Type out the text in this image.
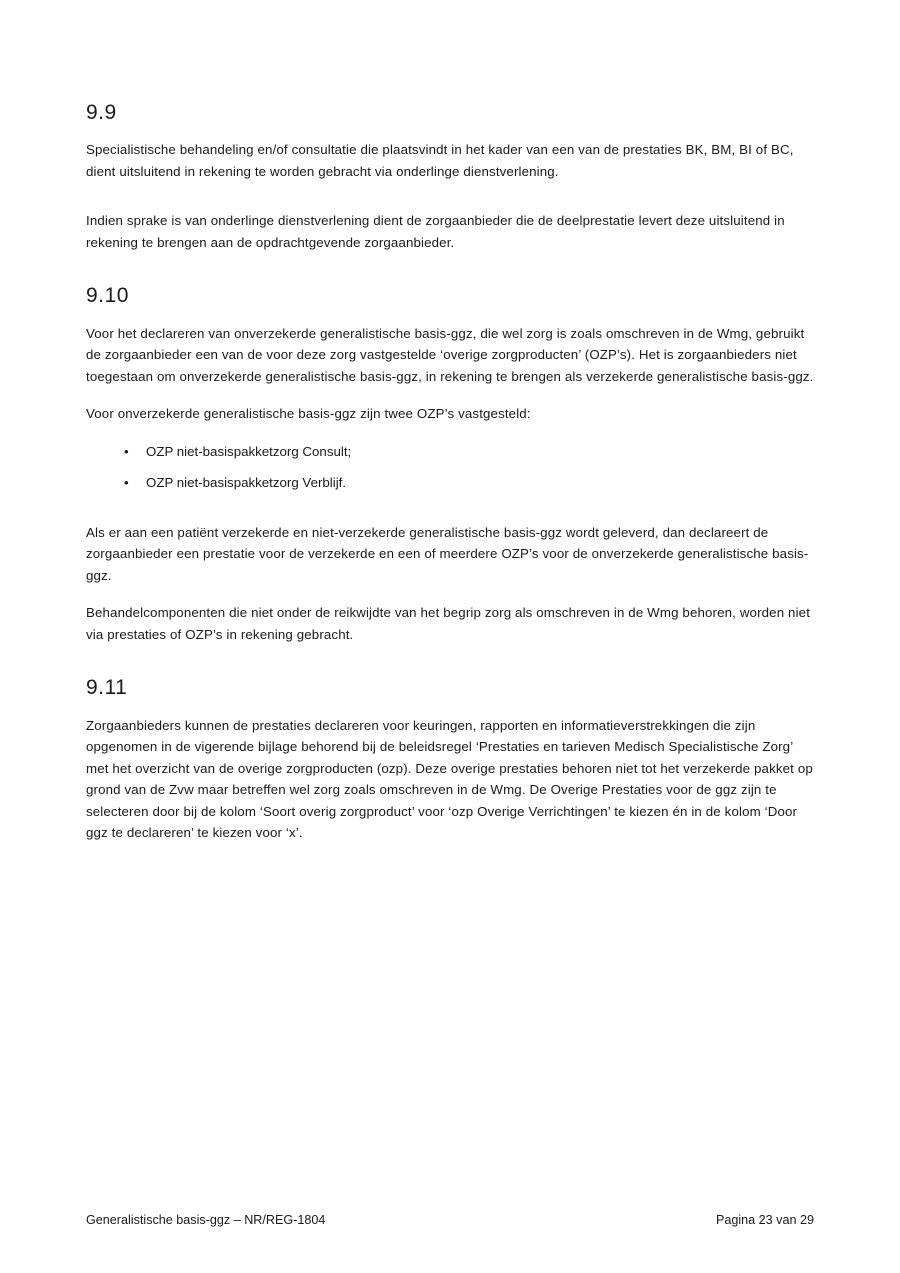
9.9

Specialistische behandeling en/of consultatie die plaatsvindt in het kader van een van de prestaties BK, BM, BI of BC, dient uitsluitend in rekening te worden gebracht via onderlinge dienstverlening.

Indien sprake is van onderlinge dienstverlening dient de zorgaanbieder die de deelprestatie levert deze uitsluitend in rekening te brengen aan de opdrachtgevende zorgaanbieder.

9.10

Voor het declareren van onverzekerde generalistische basis-ggz, die wel zorg is zoals omschreven in de Wmg, gebruikt de zorgaanbieder een van de voor deze zorg vastgestelde ‘overige zorgproducten’ (OZP’s). Het is zorgaanbieders niet toegestaan om onverzekerde generalistische basis-ggz, in rekening te brengen als verzekerde generalistische basis-ggz.

Voor onverzekerde generalistische basis-ggz zijn twee OZP’s vastgesteld:

• OZP niet-basispakketzorg Consult;
• OZP niet-basispakketzorg Verblijf.

Als er aan een patiënt verzekerde en niet-verzekerde generalistische basis-ggz wordt geleverd, dan declareert de zorgaanbieder een prestatie voor de verzekerde en een of meerdere OZP’s voor de onverzekerde generalistische basis-ggz.

Behandelcomponenten die niet onder de reikwijdte van het begrip zorg als omschreven in de Wmg behoren, worden niet via prestaties of OZP’s in rekening gebracht.

9.11

Zorgaanbieders kunnen de prestaties declareren voor keuringen, rapporten en informatieverstrekkingen die zijn opgenomen in de vigerende bijlage behorend bij de beleidsregel ‘Prestaties en tarieven Medisch Specialistische Zorg’ met het overzicht van de overige zorgproducten (ozp). Deze overige prestaties behoren niet tot het verzekerde pakket op grond van de Zvw maar betreffen wel zorg zoals omschreven in de Wmg. De Overige Prestaties voor de ggz zijn te selecteren door bij de kolom ‘Soort overig zorgproduct’ voor ‘ozp Overige Verrichtingen’ te kiezen én in de kolom ‘Door ggz te declareren’ te kiezen voor ‘x’.

Generalistische basis-ggz – NR/REG-1804	Pagina 23 van 29
